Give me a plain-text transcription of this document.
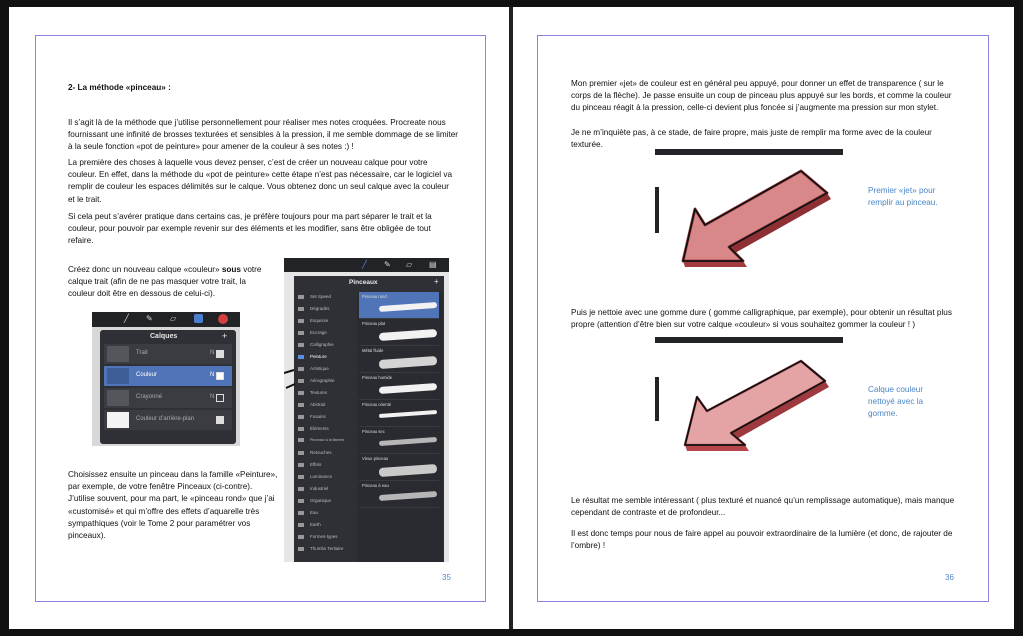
2- La méthode «pinceau» :

Il s’agit là de la méthode que j’utilise personnellement pour réaliser mes notes croquées. Procreate nous fournissant une infinité de brosses texturées et sensibles à la pression, il me semble dommage de se limiter à la seule fonction «pot de peinture» pour amener de la couleur à ses notes :) !

La première des choses à laquelle vous devez penser, c’est de créer un nouveau calque pour votre couleur. En effet, dans la méthode du «pot de peinture» cette étape n’est pas nécessaire, car le logiciel va remplir de couleur les espaces délimités sur le calque. Vous obtenez donc un seul calque avec la couleur et le trait.

Si cela peut s’avérer pratique dans certains cas, je préfère toujours pour ma part séparer le trait et la couleur, pour pouvoir par exemple revenir sur des éléments et les modifier, sans être obligée de tout refaire.

Créez donc un nouveau calque «couleur» sous votre calque trait (afin de ne pas masquer votre trait, la couleur doit être en dessous de celui-ci).

Choisissez ensuite un pinceau dans la famille «Peinture», par exemple, de votre fenêtre Pinceaux (ci-contre). J’utilise souvent, pour ma part, le «pinceau rond» que j’ai «customisé» et qui m’offre des effets d’aquarelle très sympathiques (voir le Tome 2 pour paramétrer vos pinceaux).

35
╱	✎ ▱
Calques	+
Trait	N
Couleur	N
Crayonné	N
Couleur d’arrière-plan
╱ ✎ ▱ ▤
Pinceaux	+
Set Speed
Dégradés
Esquisse
Encrage
Calligraphie
Peinture
Artistique
Aérographie
Textures
Abstrait
Fusains
Éléments
Pinceaux à la flamme
Retouches
Effets
Luminance
Industriel
Organique
Eau
Earth
Formes-types
Thumbs Tertiaire
Pinceau rond
Pinceau plat
Métal fluide
Pinceau humide
Pinceau orienté
Pinceau sec
Vieux pinceau
Pinceau à eau

Mon premier «jet» de couleur est en général peu appuyé, pour donner un effet de transparence ( sur le corps de la flèche). Je passe ensuite un coup de pinceau plus appuyé sur les bords, et comme la couleur du pinceau réagit à la pression, celle-ci devient plus foncée si j’augmente ma pression sur mon stylet.

Je ne m’inquiète pas, à ce stade, de faire propre, mais juste de remplir ma forme avec de la couleur texturée.

Premier «jet» pour remplir au pinceau.

Puis je nettoie avec une gomme dure ( gomme calligraphique, par exemple), pour obtenir un résultat plus propre (attention d’être bien sur votre calque «couleur» si vous souhaitez gommer la couleur ! )

Calque couleur nettoyé avec la gomme.

Le résultat me semble intéressant ( plus texturé et nuancé qu’un remplissage automatique), mais manque cependant de contraste et de profondeur...

Il est donc temps pour nous de faire appel au pouvoir extraordinaire de la lumière (et donc, de rajouter de l’ombre) !

36
